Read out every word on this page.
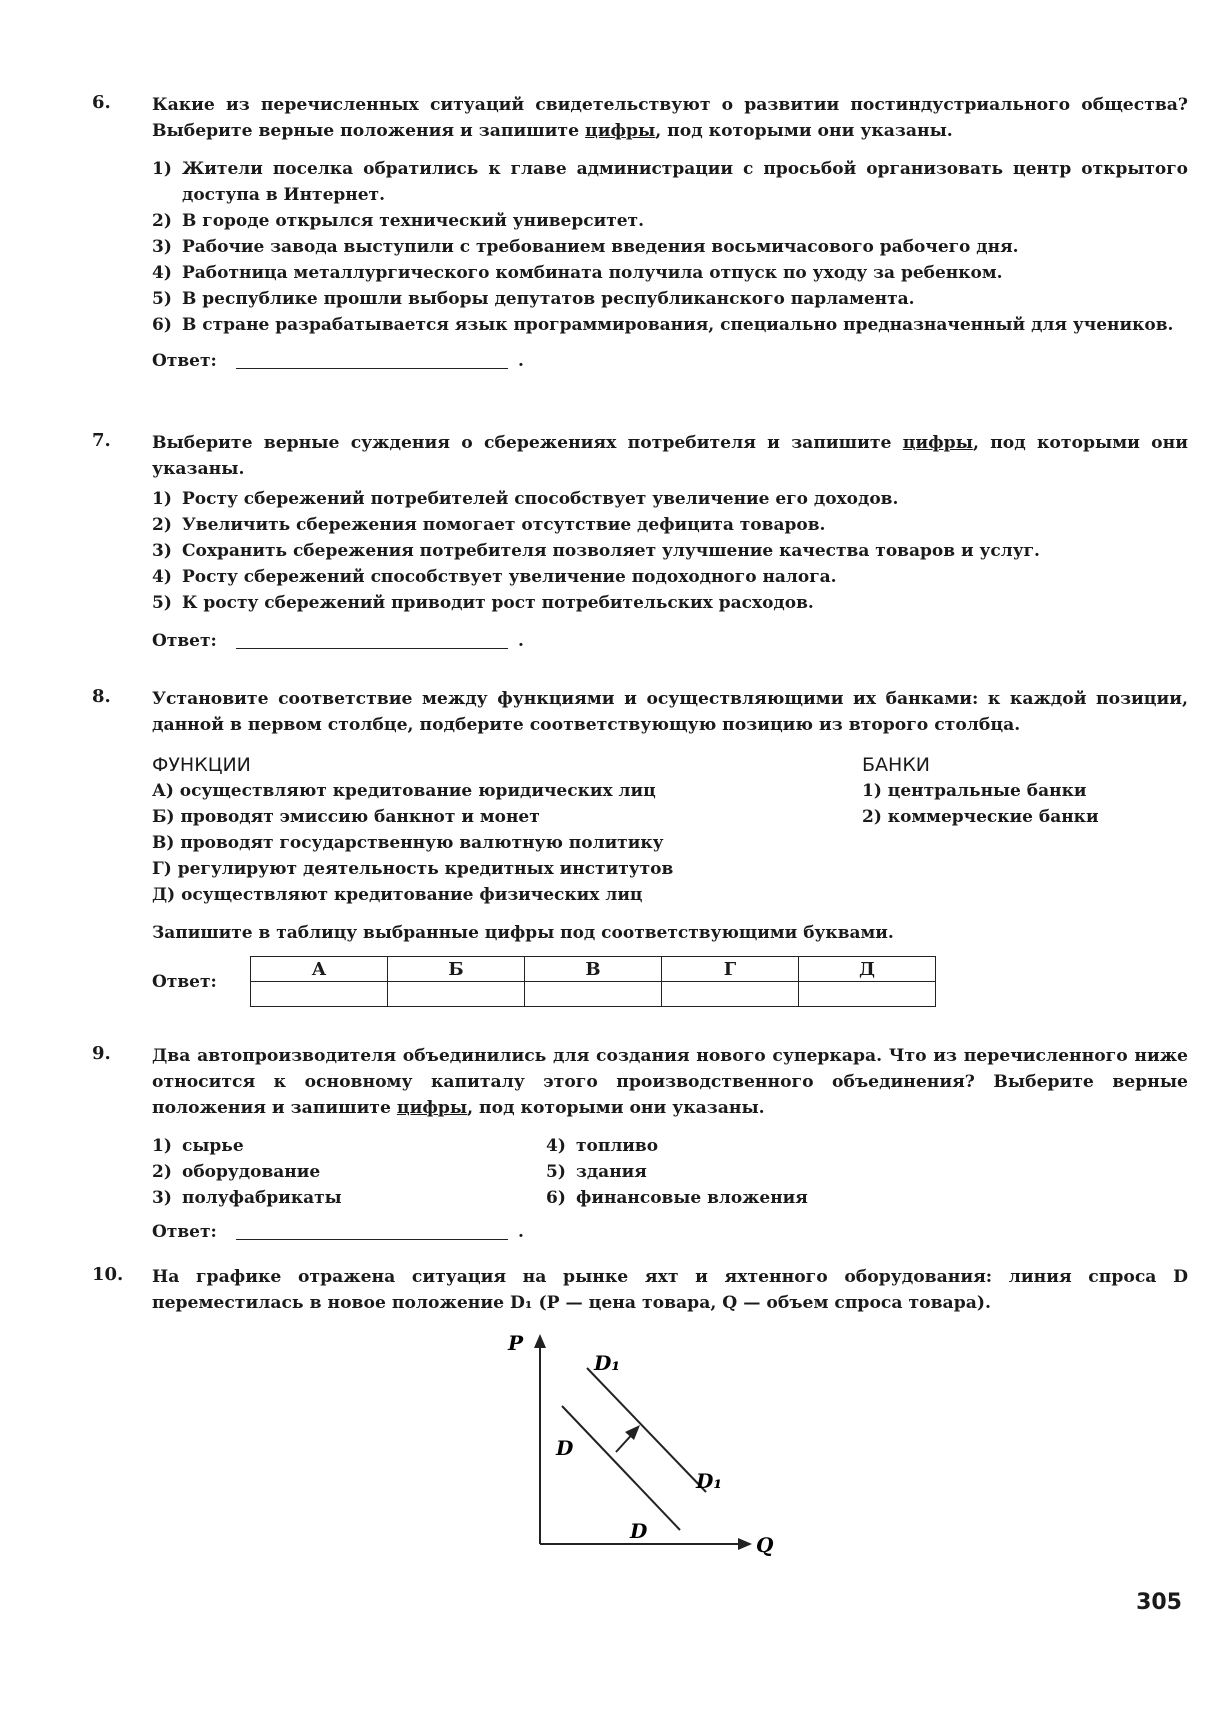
6. Какие из перечисленных ситуаций свидетельствуют о развитии постиндустриального общества? Выберите верные положения и запишите цифры, под которыми они указаны.

1) Жители поселка обратились к главе администрации с просьбой организовать центр открытого доступа в Интернет.
2) В городе открылся технический университет.
3) Рабочие завода выступили с требованием введения восьмичасового рабочего дня.
4) Работница металлургического комбината получила отпуск по уходу за ребенком.
5) В республике прошли выборы депутатов республиканского парламента.
6) В стране разрабатывается язык программирования, специально предназначенный для учеников.
Ответ:	.
7. Выберите верные суждения о сбережениях потребителя и запишите цифры, под которыми они указаны.

1) Росту сбережений потребителей способствует увеличение его доходов.
2) Увеличить сбережения помогает отсутствие дефицита товаров.
3) Сохранить сбережения потребителя позволяет улучшение качества товаров и услуг.
4) Росту сбережений способствует увеличение подоходного налога.
5) К росту сбережений приводит рост потребительских расходов.
Ответ:	.
8. Установите соответствие между функциями и осуществляющими их банками: к каждой позиции, данной в первом столбце, подберите соответствующую позицию из второго столбца.

ФУНКЦИИ
А) осуществляют кредитование юридических лиц
Б) проводят эмиссию банкнот и монет
В) проводят государственную валютную политику
Г) регулируют деятельность кредитных институтов
Д) осуществляют кредитование физических лиц
БАНКИ
1) центральные банки
2) коммерческие банки
Запишите в таблицу выбранные цифры под соответствующими буквами.
Ответ:
А	Б	В	Г	Д

9. Два автопроизводителя объединились для создания нового суперкара. Что из перечисленного ниже относится к основному капиталу этого производственного объединения? Выберите верные положения и запишите цифры, под которыми они указаны.

1) сырье
2) оборудование
3) полуфабрикаты
4) топливо
5) здания
6) финансовые вложения
Ответ:	.
10. На графике отражена ситуация на рынке яхт и яхтенного оборудования: линия спроса D переместилась в новое положение D₁ (P — цена товара, Q — объем спроса товара).

P
Q
D
D
D₁
D₁
305
